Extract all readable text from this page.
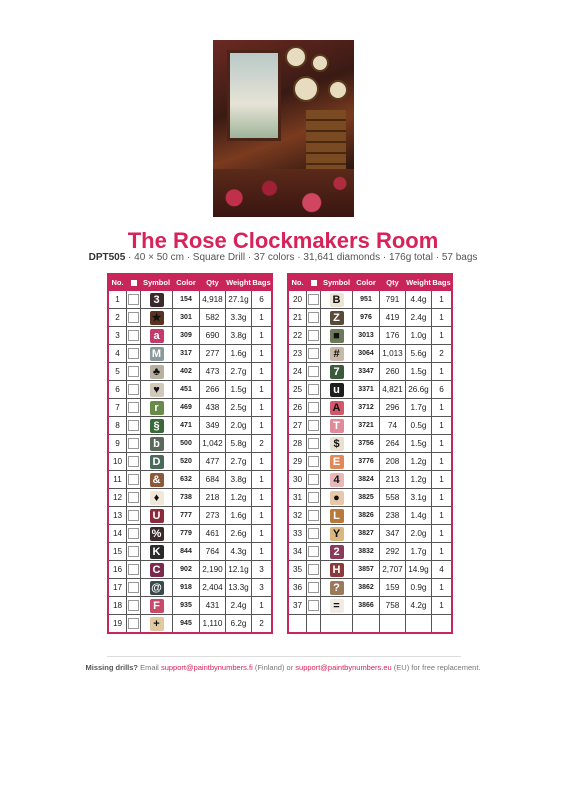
The Rose Clockmakers Room
DPT505 · 40 × 50 cm · Square Drill · 37 colors · 31,641 diamonds · 176g total · 57 bags
No.		Symbol	Color	Qty	Weight	Bags
1		3	154	4,918	27.1g	6
2		★	301	582	3.3g	1
3		a	309	690	3.8g	1
4		M	317	277	1.6g	1
5		♣	402	473	2.7g	1
6		♥	451	266	1.5g	1
7		r	469	438	2.5g	1
8		§	471	349	2.0g	1
9		b	500	1,042	5.8g	2
10		D	520	477	2.7g	1
11		&	632	684	3.8g	1
12		♦	738	218	1.2g	1
13		U	777	273	1.6g	1
14		%	779	461	2.6g	1
15		K	844	764	4.3g	1
16		C	902	2,190	12.1g	3
17		@	918	2,404	13.3g	3
18		F	935	431	2.4g	1
19		+	945	1,110	6.2g	2
No.		Symbol	Color	Qty	Weight	Bags
20		B	951	791	4.4g	1
21		Z	976	419	2.4g	1
22		■	3013	176	1.0g	1
23		#	3064	1,013	5.6g	2
24		7	3347	260	1.5g	1
25		u	3371	4,821	26.6g	6
26		A	3712	296	1.7g	1
27		T	3721	74	0.5g	1
28		$	3756	264	1.5g	1
29		E	3776	208	1.2g	1
30		4	3824	213	1.2g	1
31		●	3825	558	3.1g	1
32		L	3826	238	1.4g	1
33		Y	3827	347	2.0g	1
34		2	3832	292	1.7g	1
35		H	3857	2,707	14.9g	4
36		?	3862	159	0.9g	1
37		=	3866	758	4.2g	1

Missing drills? Email support@paintbynumbers.fi (Finland) or support@paintbynumbers.eu (EU) for free replacement.
